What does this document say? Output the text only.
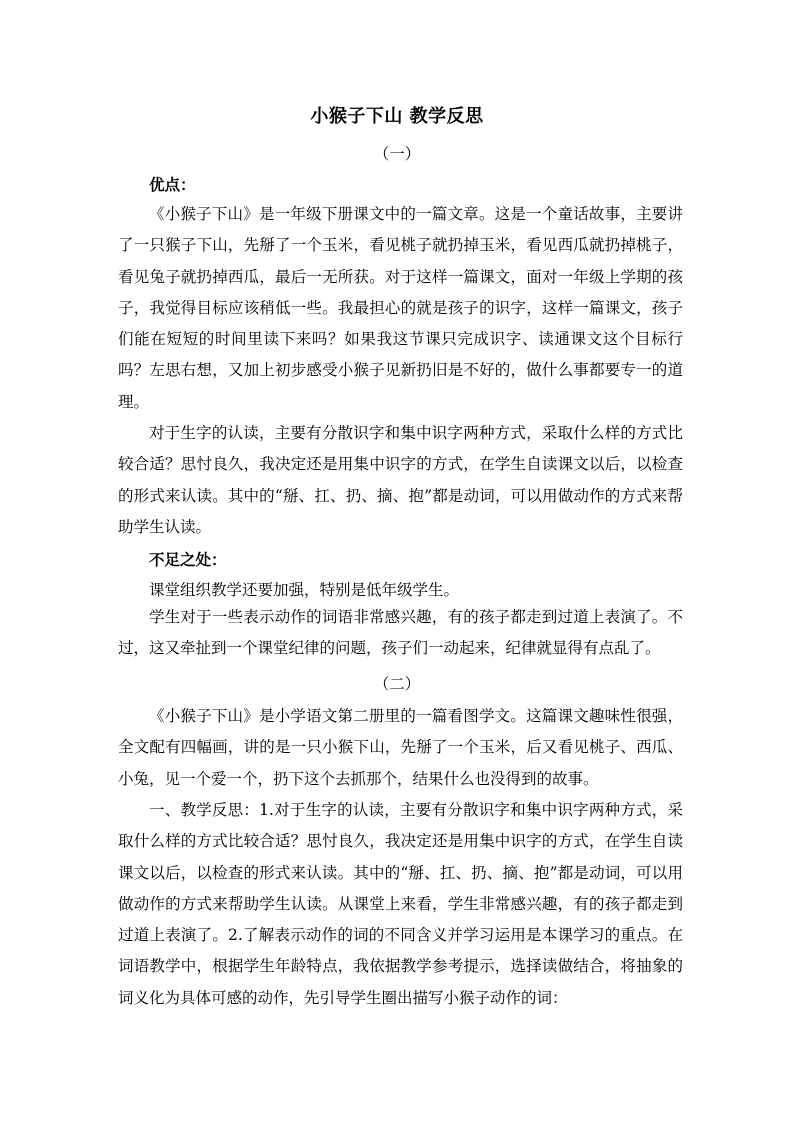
小猴子下山 教学反思
（一）
优点：

《小猴子下山》是一年级下册课文中的一篇文章。这是一个童话故事，主要讲了一只猴子下山，先掰了一个玉米，看见桃子就扔掉玉米，看见西瓜就扔掉桃子，看见兔子就扔掉西瓜，最后一无所获。对于这样一篇课文，面对一年级上学期的孩子，我觉得目标应该稍低一些。我最担心的就是孩子的识字，这样一篇课文，孩子们能在短短的时间里读下来吗？如果我这节课只完成识字、读通课文这个目标行吗？左思右想，又加上初步感受小猴子见新扔旧是不好的，做什么事都要专一的道理。

对于生字的认读，主要有分散识字和集中识字两种方式，采取什么样的方式比较合适？思忖良久，我决定还是用集中识字的方式，在学生自读课文以后，以检查的形式来认读。其中的“掰、扛、扔、摘、抱”都是动词，可以用做动作的方式来帮助学生认读。

不足之处：
课堂组织教学还要加强，特别是低年级学生。

学生对于一些表示动作的词语非常感兴趣，有的孩子都走到过道上表演了。不过，这又牵扯到一个课堂纪律的问题，孩子们一动起来，纪律就显得有点乱了。

（二）

《小猴子下山》是小学语文第二册里的一篇看图学文。这篇课文趣味性很强，全文配有四幅画，讲的是一只小猴下山，先掰了一个玉米，后又看见桃子、西瓜、小兔，见一个爱一个，扔下这个去抓那个，结果什么也没得到的故事。

一、教学反思：1.对于生字的认读，主要有分散识字和集中识字两种方式，采取什么样的方式比较合适？思忖良久，我决定还是用集中识字的方式，在学生自读课文以后，以检查的形式来认读。其中的“掰、扛、扔、摘、抱”都是动词，可以用做动作的方式来帮助学生认读。从课堂上来看，学生非常感兴趣，有的孩子都走到过道上表演了。2.了解表示动作的词的不同含义并学习运用是本课学习的重点。在词语教学中，根据学生年龄特点，我依据教学参考提示，选择读做结合，将抽象的词义化为具体可感的动作，先引导学生圈出描写小猴子动作的词：
